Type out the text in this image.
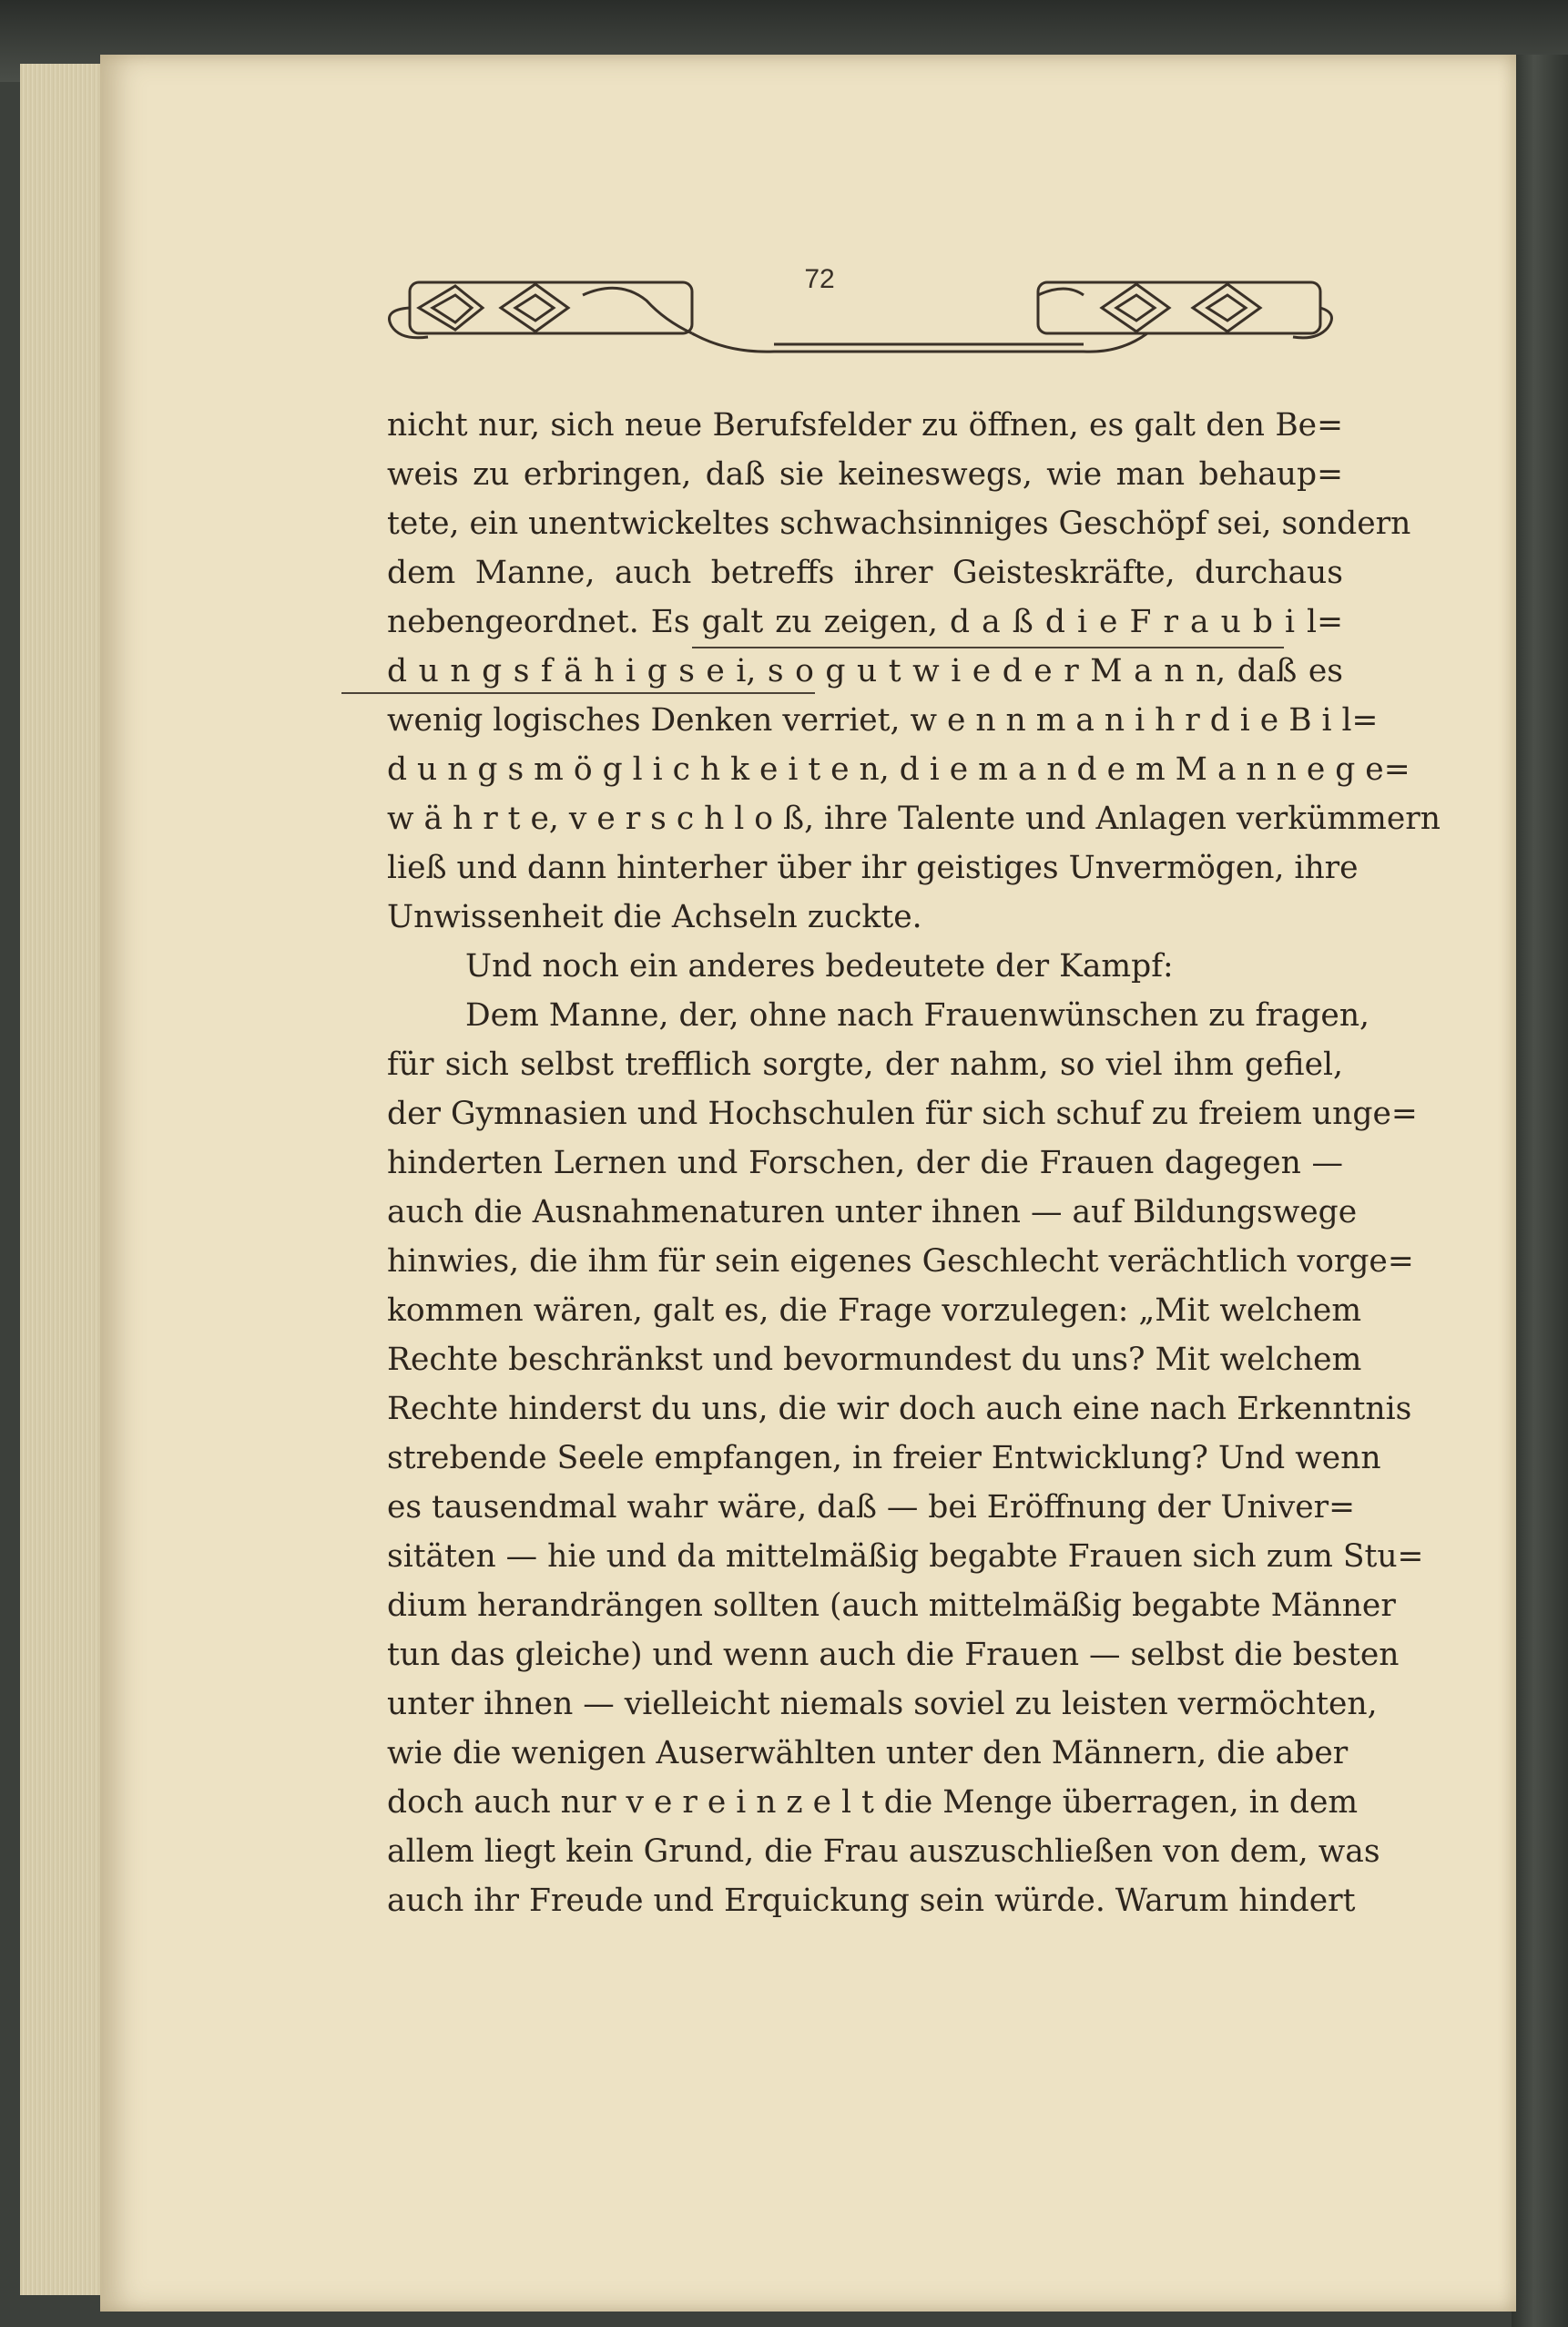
72
nicht nur, sich neue Berufsfelder zu öffnen, es galt den Be=
weis zu erbringen, daß sie keineswegs, wie man behaup=
tete, ein unentwickeltes schwachsinniges Geschöpf sei, sondern
dem Manne, auch betreffs ihrer Geisteskräfte, durchaus
nebengeordnet. Es galt zu zeigen, d a ß d i e F r a u b i l=
d u n g s f ä h i g s e i, s o g u t w i e d e r M a n n, daß es
wenig logisches Denken verriet, w e n n m a n i h r d i e B i l=
d u n g s m ö g l i c h k e i t e n, d i e m a n d e m M a n n e g e=
w ä h r t e, v e r s c h l o ß, ihre Talente und Anlagen verkümmern
ließ und dann hinterher über ihr geistiges Unvermögen, ihre
Unwissenheit die Achseln zuckte.
Und noch ein anderes bedeutete der Kampf:
Dem Manne, der, ohne nach Frauenwünschen zu fragen,
für sich selbst trefflich sorgte, der nahm, so viel ihm gefiel,
der Gymnasien und Hochschulen für sich schuf zu freiem unge=
hinderten Lernen und Forschen, der die Frauen dagegen —
auch die Ausnahmenaturen unter ihnen — auf Bildungswege
hinwies, die ihm für sein eigenes Geschlecht verächtlich vorge=
kommen wären, galt es, die Frage vorzulegen: „Mit welchem
Rechte beschränkst und bevormundest du uns? Mit welchem
Rechte hinderst du uns, die wir doch auch eine nach Erkenntnis
strebende Seele empfangen, in freier Entwicklung? Und wenn
es tausendmal wahr wäre, daß — bei Eröffnung der Univer=
sitäten — hie und da mittelmäßig begabte Frauen sich zum Stu=
dium herandrängen sollten (auch mittelmäßig begabte Männer
tun das gleiche) und wenn auch die Frauen — selbst die besten
unter ihnen — vielleicht niemals soviel zu leisten vermöchten,
wie die wenigen Auserwählten unter den Männern, die aber
doch auch nur v e r e i n z e l t die Menge überragen, in dem
allem liegt kein Grund, die Frau auszuschließen von dem, was
auch ihr Freude und Erquickung sein würde. Warum hindert
